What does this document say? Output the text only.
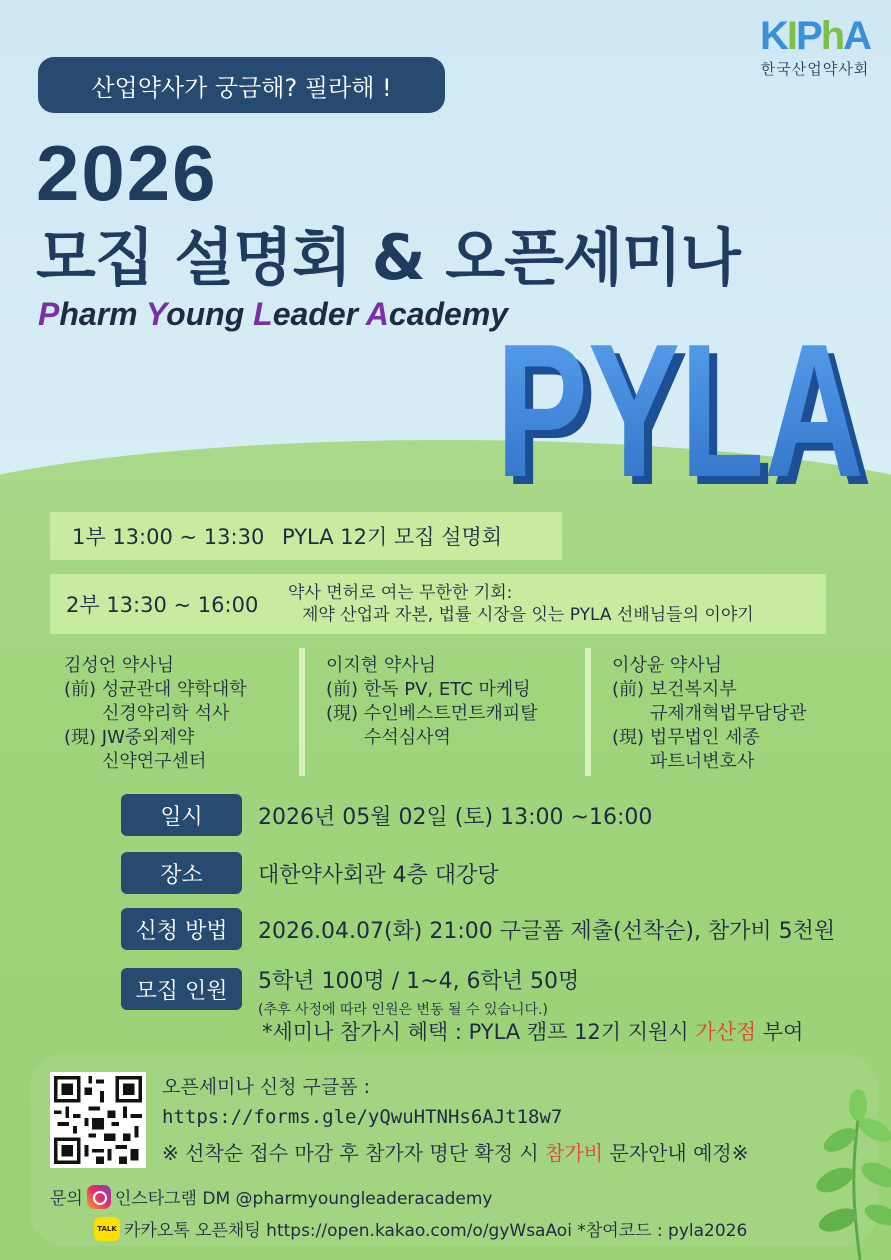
산업약사가 궁금해? 필라해 !
KIPhA
한국산업약사회
2026
모집 설명회 & 오픈세미나
Pharm Young Leader Academy
PYLA
PYLA
1부 13:00 ~ 13:30 PYLA 12기 모집 설명회
2부 13:30 ~ 16:00	약사 면허로 여는 무한한 기회:
제약 산업과 자본, 법률 시장을 잇는 PYLA 선배님들의 이야기
김성언 약사님
(前) 성균관대 약학대학
신경약리학 석사
(現) JW중외제약
신약연구센터
이지현 약사님
(前) 한독 PV, ETC 마케팅
(現) 수인베스트먼트캐피탈
수석심사역
이상윤 약사님
(前) 보건복지부
규제개혁법무담당관
(現) 법무법인 세종
파트너변호사
일시	2026년 05월 02일 (토) 13:00 ~16:00
장소	대한약사회관 4층 대강당
신청 방법	2026.04.07(화) 21:00 구글폼 제출(선착순), 참가비 5천원
모집 인원	5학년 100명 / 1~4, 6학년 50명
(추후 사정에 따라 인원은 변동 될 수 있습니다.)
*세미나 참가시 혜택 : PYLA 캠프 12기 지원시 가산점 부여
오픈세미나 신청 구글폼 :
https://forms.gle/yQwuHTNHs6AJt18w7
※ 선착순 접수 마감 후 참가자 명단 확정 시 참가비 문자안내 예정※
문의 인스타그램 DM @pharmyoungleaderacademy
TALK 카카오톡 오픈채팅 https://open.kakao.com/o/gyWsaAoi *참여코드 : pyla2026
